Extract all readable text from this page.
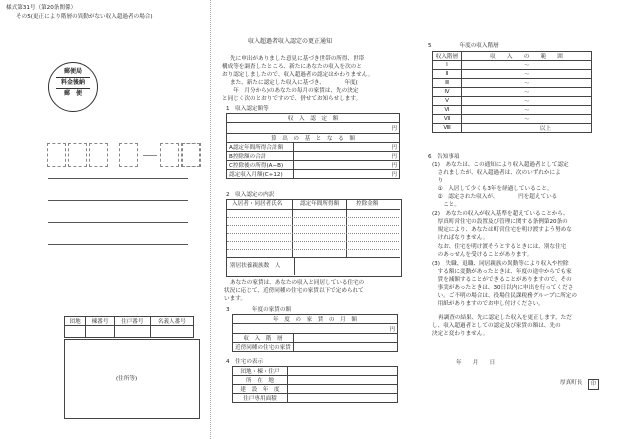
様式第31号（第20条関係）
その5(更正により階層の異動がない収入超過者の場合)
郵便局
料金後納
郵　便
団地	棟番号	住戸番号	名義人番号

(住所等)
収入超過者収入認定の更正通知
先に申出がありました意見に基づき世帯の所得、世帯
構成等を調査したところ、新たにあなたの収入を次のと
おり認定しましたので、収入超過者の認定はかわりません。
また、新たに認定した収入に基づき、　　　　年度(
　　年　月分から)のあなたの毎月の家賃は、先の決定
と同じく次のとおりですので、併せてお知らせします。
1　収入認定額等
収　入　認　定　額	
円	
算　出　の　基　と　な　る　額	
A認定年間所得合計額	円
B控除額の合計	円
C控除後の所得(A−B)	円
認定収入月額(C÷12)	円
2　収入認定の内訳
入居者・同居者氏名	認定年間所得額	控除金額
別居扶養親族数　人
あなたの家賃は、あなたの収入と同居している住宅の
状況に応じて、近傍同種の住宅の家賃以下で定められて
います。
3　　　　年度の家賃の額
年　度　の　家　賃　の　月　額	
円	
収　入　階　層	
近傍同種の住宅の家賃	
4　住宅の表示
団地・棟・住戸	
所　在　地	
建　設　年　度	
住戸専用面積	
5　　　　　年度の収入階層
収入階層	収　　入　　の　　範　　囲
Ⅰ	～
Ⅱ	～
Ⅲ	～
Ⅳ	～
Ⅴ	～
Ⅵ	～
Ⅶ	～
Ⅷ	以上
6　告知事項
(1)　あなたは、この通知により収入超過者として認定
　されましたが、収入超過者は、次のいずれかによ
　り
　①　入居して少くも3年を経過していること。
　②　認定された収入が、　　　　円を超えている
　　こと。
(2)　あなたの収入が収入基準を超えていることから、
　厚真町営住宅の設置及び管理に関する条例第20条の
　規定により、あなたは町営住宅を明け渡すよう努めな
　ければなりません。
　なお、住宅を明け渡そうとするときには、別な住宅
　のあっせんを受けることがあります。
(3)　失職、退職、同居親族の異動等により収入や控除
　する額に変動があったときは、年度の途中からでも家
　賃を減額することができることがありますので、その
　事実があったときは、30日以内に申出を行ってくださ
　い。ご不明の場合は、役場住民課税務グループに所定の
　用紙がありますのでお申し付けください。
再調査の結果、先に認定した収入を更正します。ただ
し、収入超過者としての認定及び家賃の額は、先の
決定と変わりません。
年　　月　　日
厚真町長	印
